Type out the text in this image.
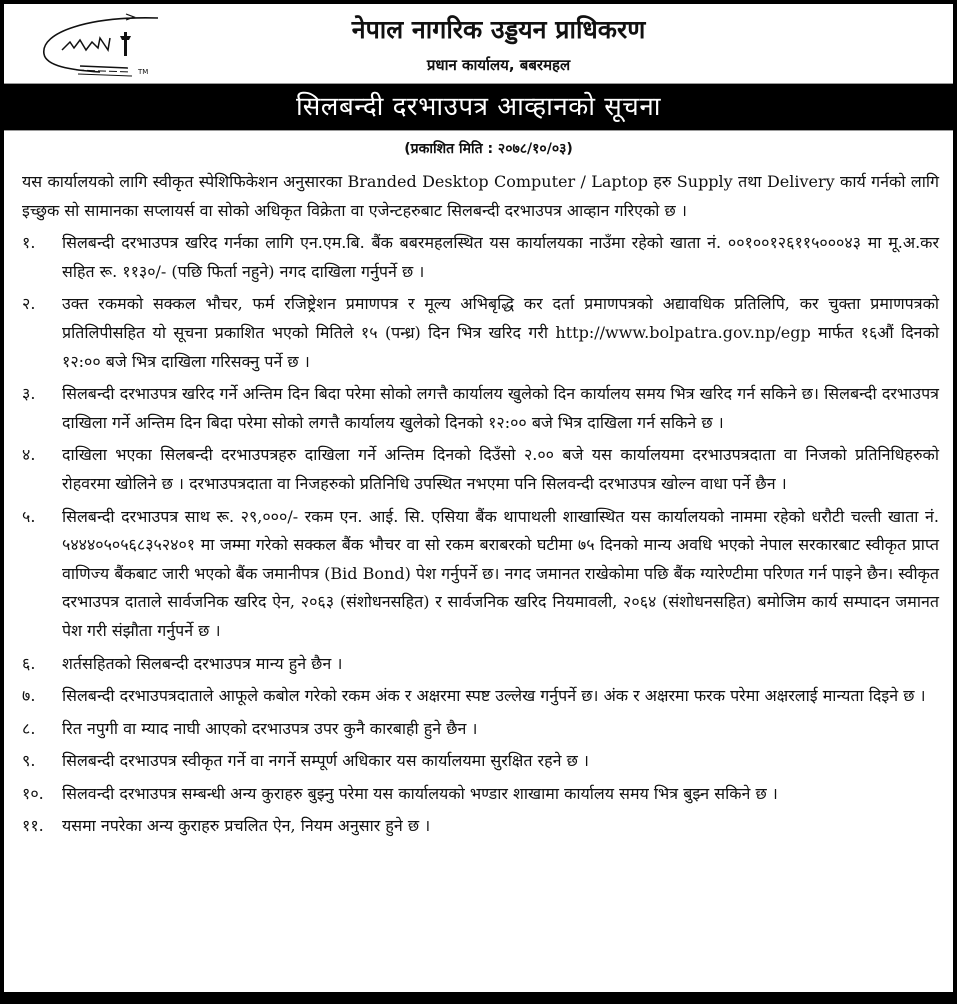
TM
नेपाल नागरिक उड्डयन प्राधिकरण
प्रधान कार्यालय, बबरमहल
सिलबन्दी दरभाउपत्र आव्हानको सूचना
(प्रकाशित मिति : २०७८/१०/०३)

यस कार्यालयको लागि स्वीकृत स्पेशिफिकेशन अनुसारका Branded Desktop Computer / Laptop हरु Supply तथा Delivery कार्य गर्नको लागि इच्छुक सो सामानका सप्लायर्स वा सोको अधिकृत विक्रेता वा एजेन्टहरुबाट सिलबन्दी दरभाउपत्र आव्हान गरिएको छ ।

१.	सिलबन्दी दरभाउपत्र खरिद गर्नका लागि एन.एम.बि. बैंक बबरमहलस्थित यस कार्यालयका नाउँमा रहेको खाता नं. ००१००१२६११५०००४३ मा मू.अ.कर सहित रू. ११३०/- (पछि फिर्ता नहुने) नगद दाखिला गर्नुपर्ने छ ।
२.	उक्त रकमको सक्कल भौचर, फर्म रजिष्ट्रेशन प्रमाणपत्र र मूल्य अभिबृद्धि कर दर्ता प्रमाणपत्रको अद्यावधिक प्रतिलिपि, कर चुक्ता प्रमाणपत्रको प्रतिलिपीसहित यो सूचना प्रकाशित भएको मितिले १५ (पन्ध्र) दिन भित्र खरिद गरी http://www.bolpatra.gov.np/egp मार्फत १६औं दिनको १२:०० बजे भित्र दाखिला गरिसक्नु पर्ने छ ।
३.	सिलबन्दी दरभाउपत्र खरिद गर्ने अन्तिम दिन बिदा परेमा सोको लगत्तै कार्यालय खुलेको दिन कार्यालय समय भित्र खरिद गर्न सकिने छ। सिलबन्दी दरभाउपत्र दाखिला गर्ने अन्तिम दिन बिदा परेमा सोको लगत्तै कार्यालय खुलेको दिनको १२:०० बजे भित्र दाखिला गर्न सकिने छ ।
४.	दाखिला भएका सिलबन्दी दरभाउपत्रहरु दाखिला गर्ने अन्तिम दिनको दिउँसो २.०० बजे यस कार्यालयमा दरभाउपत्रदाता वा निजको प्रतिनिधिहरुको रोहवरमा खोलिने छ । दरभाउपत्रदाता वा निजहरुको प्रतिनिधि उपस्थित नभएमा पनि सिलवन्दी दरभाउपत्र खोल्न वाधा पर्ने छैन ।
५.	सिलबन्दी दरभाउपत्र साथ रू. २९,०००/- रकम एन. आई. सि. एसिया बैंक थापाथली शाखास्थित यस कार्यालयको नाममा रहेको धरौटी चल्ती खाता नं. ५४४४०५०५६८३५२४०१ मा जम्मा गरेको सक्कल बैंक भौचर वा सो रकम बराबरको घटीमा ७५ दिनको मान्य अवधि भएको नेपाल सरकारबाट स्वीकृत प्राप्त वाणिज्य बैंकबाट जारी भएको बैंक जमानीपत्र (Bid Bond) पेश गर्नुपर्ने छ। नगद जमानत राखेकोमा पछि बैंक ग्यारेण्टीमा परिणत गर्न पाइने छैन। स्वीकृत दरभाउपत्र दाताले सार्वजनिक खरिद ऐन, २०६३ (संशोधनसहित) र सार्वजनिक खरिद नियमावली, २०६४ (संशोधनसहित) बमोजिम कार्य सम्पादन जमानत पेश गरी संझौता गर्नुपर्ने छ ।
६.	शर्तसहितको सिलबन्दी दरभाउपत्र मान्य हुने छैन ।
७.	सिलबन्दी दरभाउपत्रदाताले आफूले कबोल गरेको रकम अंक र अक्षरमा स्पष्ट उल्लेख गर्नुपर्ने छ। अंक र अक्षरमा फरक परेमा अक्षरलाई मान्यता दिइने छ ।
८.	रित नपुगी वा म्याद नाघी आएको दरभाउपत्र उपर कुनै कारबाही हुने छैन ।
९.	सिलबन्दी दरभाउपत्र स्वीकृत गर्ने वा नगर्ने सम्पूर्ण अधिकार यस कार्यालयमा सुरक्षित रहने छ ।
१०.	सिलवन्दी दरभाउपत्र सम्बन्धी अन्य कुराहरु बुझ्नु परेमा यस कार्यालयको भण्डार शाखामा कार्यालय समय भित्र बुझ्न सकिने छ ।
११.	यसमा नपरेका अन्य कुराहरु प्रचलित ऐन, नियम अनुसार हुने छ ।
